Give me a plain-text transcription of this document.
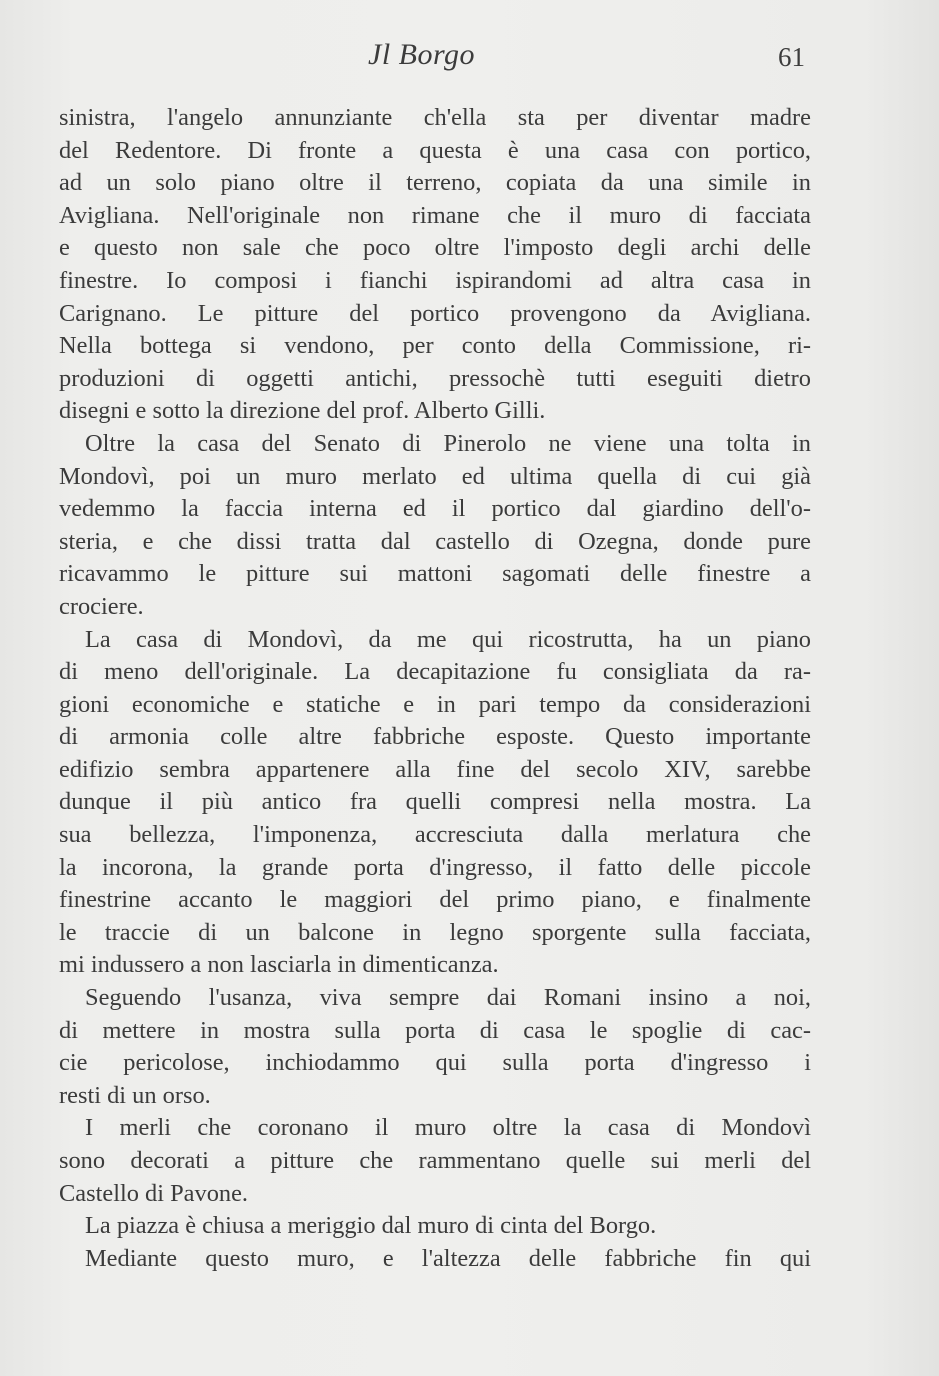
Jl Borgo	61
sinistra, l'angelo annunziante ch'ella sta per diventar madre
del Redentore. Di fronte a questa è una casa con portico,
ad un solo piano oltre il terreno, copiata da una simile in
Avigliana. Nell'originale non rimane che il muro di facciata
e questo non sale che poco oltre l'imposto degli archi delle
finestre. Io composi i fianchi ispirandomi ad altra casa in
Carignano. Le pitture del portico provengono da Avigliana.
Nella bottega si vendono, per conto della Commissione, ri-
produzioni di oggetti antichi, pressochè tutti eseguiti dietro
disegni e sotto la direzione del prof. Alberto Gilli.
Oltre la casa del Senato di Pinerolo ne viene una tolta in
Mondovì, poi un muro merlato ed ultima quella di cui già
vedemmo la faccia interna ed il portico dal giardino dell'o-
steria, e che dissi tratta dal castello di Ozegna, donde pure
ricavammo le pitture sui mattoni sagomati delle finestre a
crociere.
La casa di Mondovì, da me qui ricostrutta, ha un piano
di meno dell'originale. La decapitazione fu consigliata da ra-
gioni economiche e statiche e in pari tempo da considerazioni
di armonia colle altre fabbriche esposte. Questo importante
edifizio sembra appartenere alla fine del secolo XIV, sarebbe
dunque il più antico fra quelli compresi nella mostra. La
sua bellezza, l'imponenza, accresciuta dalla merlatura che
la incorona, la grande porta d'ingresso, il fatto delle piccole
finestrine accanto le maggiori del primo piano, e finalmente
le traccie di un balcone in legno sporgente sulla facciata,
mi indussero a non lasciarla in dimenticanza.
Seguendo l'usanza, viva sempre dai Romani insino a noi,
di mettere in mostra sulla porta di casa le spoglie di cac-
cie pericolose, inchiodammo qui sulla porta d'ingresso i
resti di un orso.
I merli che coronano il muro oltre la casa di Mondovì
sono decorati a pitture che rammentano quelle sui merli del
Castello di Pavone.
La piazza è chiusa a meriggio dal muro di cinta del Borgo.
Mediante questo muro, e l'altezza delle fabbriche fin qui
